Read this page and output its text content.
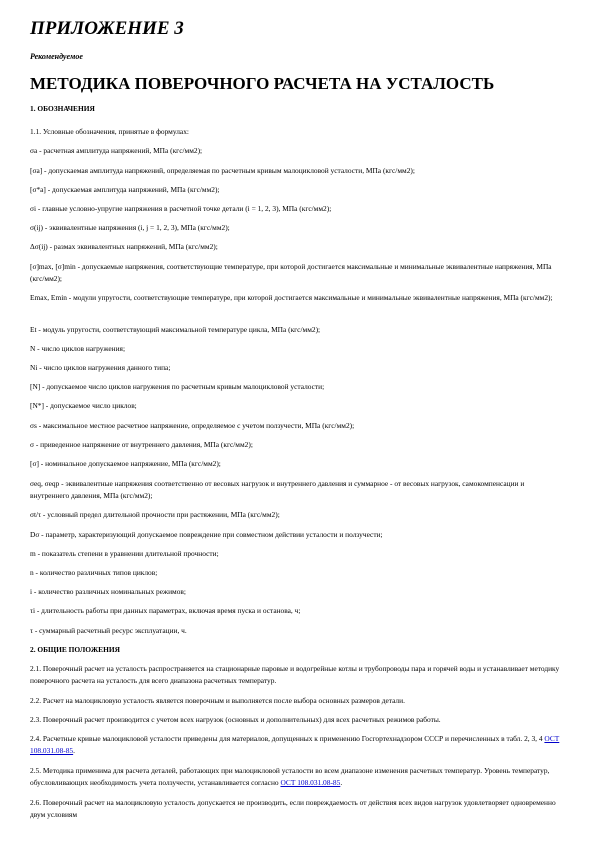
ПРИЛОЖЕНИЕ 3

Рекомендуемое

МЕТОДИКА ПОВЕРОЧНОГО РАСЧЕТА НА УСТАЛОСТЬ

1. ОБОЗНАЧЕНИЯ

1.1. Условные обозначения, принятые в формулах:

σa - расчетная амплитуда напряжений, МПа (кгс/мм2);

[σa] - допускаемая амплитуда напряжений, определяемая по расчетным кривым малоцикловой усталости, МПа (кгс/мм2);

[σ*a] - допускаемая амплитуда напряжений, МПа (кгс/мм2);

σi - главные условно-упругие напряжения в расчетной точке детали (i = 1, 2, 3), МПа (кгс/мм2);

σ(ij) - эквивалентные напряжения (i, j = 1, 2, 3), МПа (кгс/мм2);

Δσ(ij) - размах эквивалентных напряжений, МПа (кгс/мм2);

[σ]max, [σ]min - допускаемые напряжения, соответствующие температуре, при которой достигается максимальные и минимальные эквивалентные напряжения, МПа (кгс/мм2);

Emax, Emin - модули упругости, соответствующие температуре, при которой достигается максимальные и минимальные эквивалентные напряжения, МПа (кгс/мм2);

Et - модуль упругости, соответствующий максимальной температуре цикла, МПа (кгс/мм2);

N - число циклов нагружения;

Ni - число циклов нагружения данного типа;

[N] - допускаемое число циклов нагружения по расчетным кривым малоцикловой усталости;

[N*] - допускаемое число циклов;

σs - максимальное местное расчетное напряжение, определяемое с учетом ползучести, МПа (кгс/мм2);

σ - приведенное напряжение от внутреннего давления, МПа (кгс/мм2);

[σ] - номинальное допускаемое напряжение, МПа (кгс/мм2);

σeq, σeqp - эквивалентные напряжения соответственно от весовых нагрузок и внутреннего давления и суммарное - от весовых нагрузок, самокомпенсации и внутреннего давления, МПа (кгс/мм2);

σt/τ - условный предел длительной прочности при растяжении, МПа (кгс/мм2);

Dσ - параметр, характеризующий допускаемое повреждение при совместном действии усталости и ползучести;

m - показатель степени в уравнении длительной прочности;

n - количество различных типов циклов;

i - количество различных номинальных режимов;

τi - длительность работы при данных параметрах, включая время пуска и останова, ч;

τ - суммарный расчетный ресурс эксплуатации, ч.

2. ОБЩИЕ ПОЛОЖЕНИЯ

2.1. Поверочный расчет на усталость распространяется на стационарные паровые и водогрейные котлы и трубопроводы пара и горячей воды и устанавливает методику поверочного расчета на усталость для всего диапазона расчетных температур.

2.2. Расчет на малоцикловую усталость является поверочным и выполняется после выбора основных размеров детали.

2.3. Поверочный расчет производится с учетом всех нагрузок (основных и дополнительных) для всех расчетных режимов работы.

2.4. Расчетные кривые малоцикловой усталости приведены для материалов, допущенных к применению Госгортехнадзором СССР и перечисленных в табл. 2, 3, 4 ОСТ 108.031.08-85.

2.5. Методика применима для расчета деталей, работающих при малоцикловой усталости во всем диапазоне изменения расчетных температур. Уровень температур, обусловливающих необходимость учета ползучести, устанавливается согласно ОСТ 108.031.08-85.

2.6. Поверочный расчет на малоцикловую усталость допускается не производить, если повреждаемость от действия всех видов нагрузок удовлетворяет одновременно двум условиям
